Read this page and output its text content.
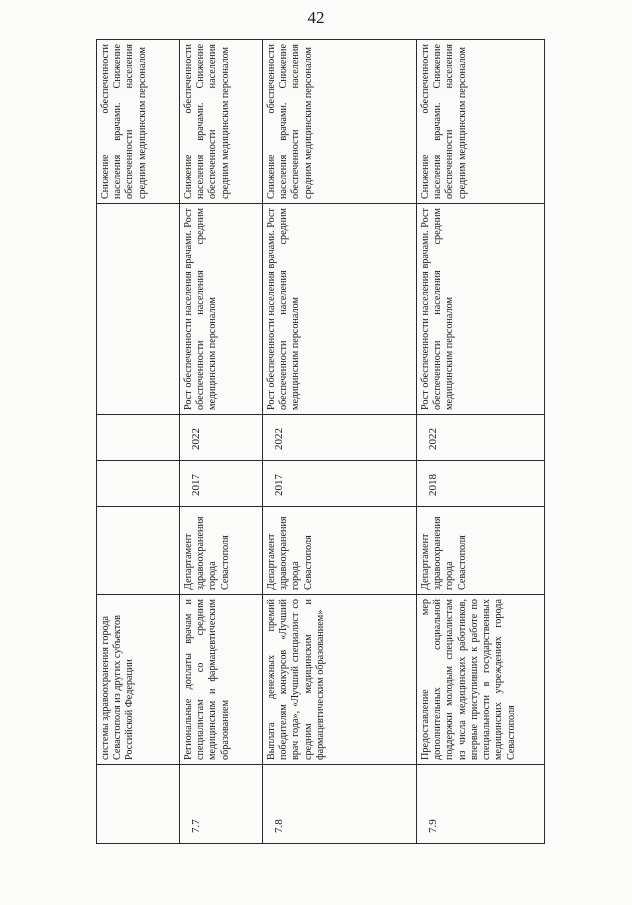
42
	системы здравоохранения города Севастополя из других субъектов Российской Федерации					Снижение обеспеченности населения врачами. Снижение обеспеченности населения средним медицинским персоналом
7.7	Региональные доплаты врачам и специалистам со средним медицинским и фармацевтическим образованием	Департамент здравоохранения города Севастополя	2017	2022	Рост обеспеченности населения врачами. Рост обеспеченности населения средним медицинским персоналом	Снижение обеспеченности населения врачами. Снижение обеспеченности населения средним медицинским персоналом
7.8	Выплата денежных премий победителям конкурсов «Лучший врач года», «Лучший специалист со средним медицинским и фармацевтическим образованием»	Департамент здравоохранения города Севастополя	2017	2022	Рост обеспеченности населения врачами. Рост обеспеченности населения средним медицинским персоналом	Снижение обеспеченности населения врачами. Снижение обеспеченности населения средним медицинским персоналом
7.9	Предоставление мер дополнительных социальной поддержки молодым специалистам из числа медицинских работников, впервые приступивших к работе по специальности в государственных медицинских учреждениях города Севастополя	Департамент здравоохранения города Севастополя	2018	2022	Рост обеспеченности населения врачами. Рост обеспеченности населения средним медицинским персоналом	Снижение обеспеченности населения врачами. Снижение обеспеченности населения средним медицинским персоналом
